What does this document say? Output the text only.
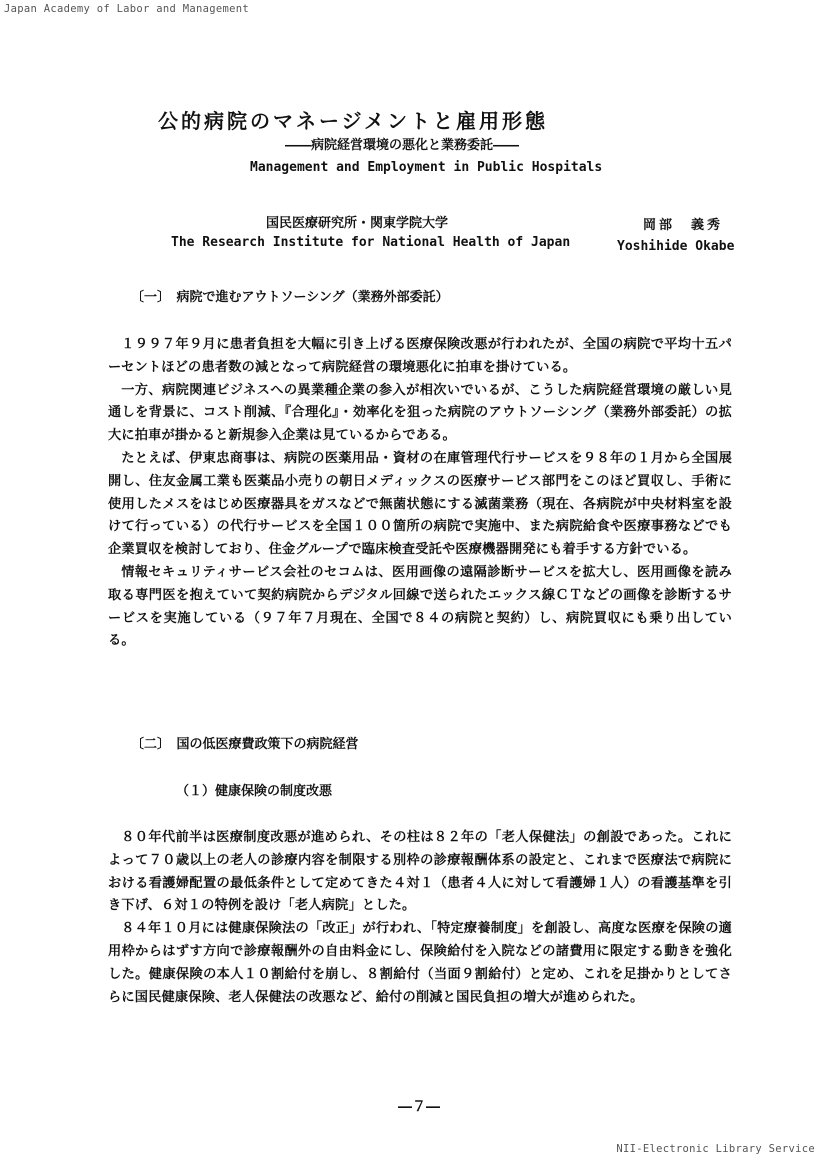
Japan Academy of Labor and Management
公的病院のマネージメントと雇用形態
――病院経営環境の悪化と業務委託――
Management and Employment in Public Hospitals
国民医療研究所・関東学院大学	岡部　義秀
The Research Institute for National Health of Japan	Yoshihide Okabe
〔一〕　病院で進むアウトソーシング（業務外部委託）

１９９７年９月に患者負担を大幅に引き上げる医療保険改悪が行われたが、全国の病院で平均十五パーセントほどの患者数の減となって病院経営の環境悪化に拍車を掛けている。

一方、病院関連ビジネスへの異業種企業の参入が相次いでいるが、こうした病院経営環境の厳しい見通しを背景に、コスト削減、『合理化』・効率化を狙った病院のアウトソーシング（業務外部委託）の拡大に拍車が掛かると新規参入企業は見ているからである。

たとえば、伊東忠商事は、病院の医薬用品・資材の在庫管理代行サービスを９８年の１月から全国展開し、住友金属工業も医薬品小売りの朝日メディックスの医療サービス部門をこのほど買収し、手術に使用したメスをはじめ医療器具をガスなどで無菌状態にする滅菌業務（現在、各病院が中央材料室を設けて行っている）の代行サービスを全国１００箇所の病院で実施中、また病院給食や医療事務などでも企業買収を検討しており、住金グループで臨床検査受託や医療機器開発にも着手する方針でいる。

情報セキュリティサービス会社のセコムは、医用画像の遠隔診断サービスを拡大し、医用画像を読み取る専門医を抱えていて契約病院からデジタル回線で送られたエックス線ＣＴなどの画像を診断するサービスを実施している（９７年７月現在、全国で８４の病院と契約）し、病院買収にも乗り出している。

〔二〕　国の低医療費政策下の病院経営
（１）健康保険の制度改悪

８０年代前半は医療制度改悪が進められ、その柱は８２年の「老人保健法」の創設であった。これによって７０歳以上の老人の診療内容を制限する別枠の診療報酬体系の設定と、これまで医療法で病院における看護婦配置の最低条件として定めてきた４対１（患者４人に対して看護婦１人）の看護基準を引き下げ、６対１の特例を設け「老人病院」とした。

８４年１０月には健康保険法の「改正」が行われ、「特定療養制度」を創設し、高度な医療を保険の適用枠からはずす方向で診療報酬外の自由料金にし、保険給付を入院などの諸費用に限定する動きを強化した。健康保険の本人１０割給付を崩し、８割給付（当面９割給付）と定め、これを足掛かりとしてさらに国民健康保険、老人保健法の改悪など、給付の削減と国民負担の増大が進められた。

―７―
NII-Electronic Library Service
